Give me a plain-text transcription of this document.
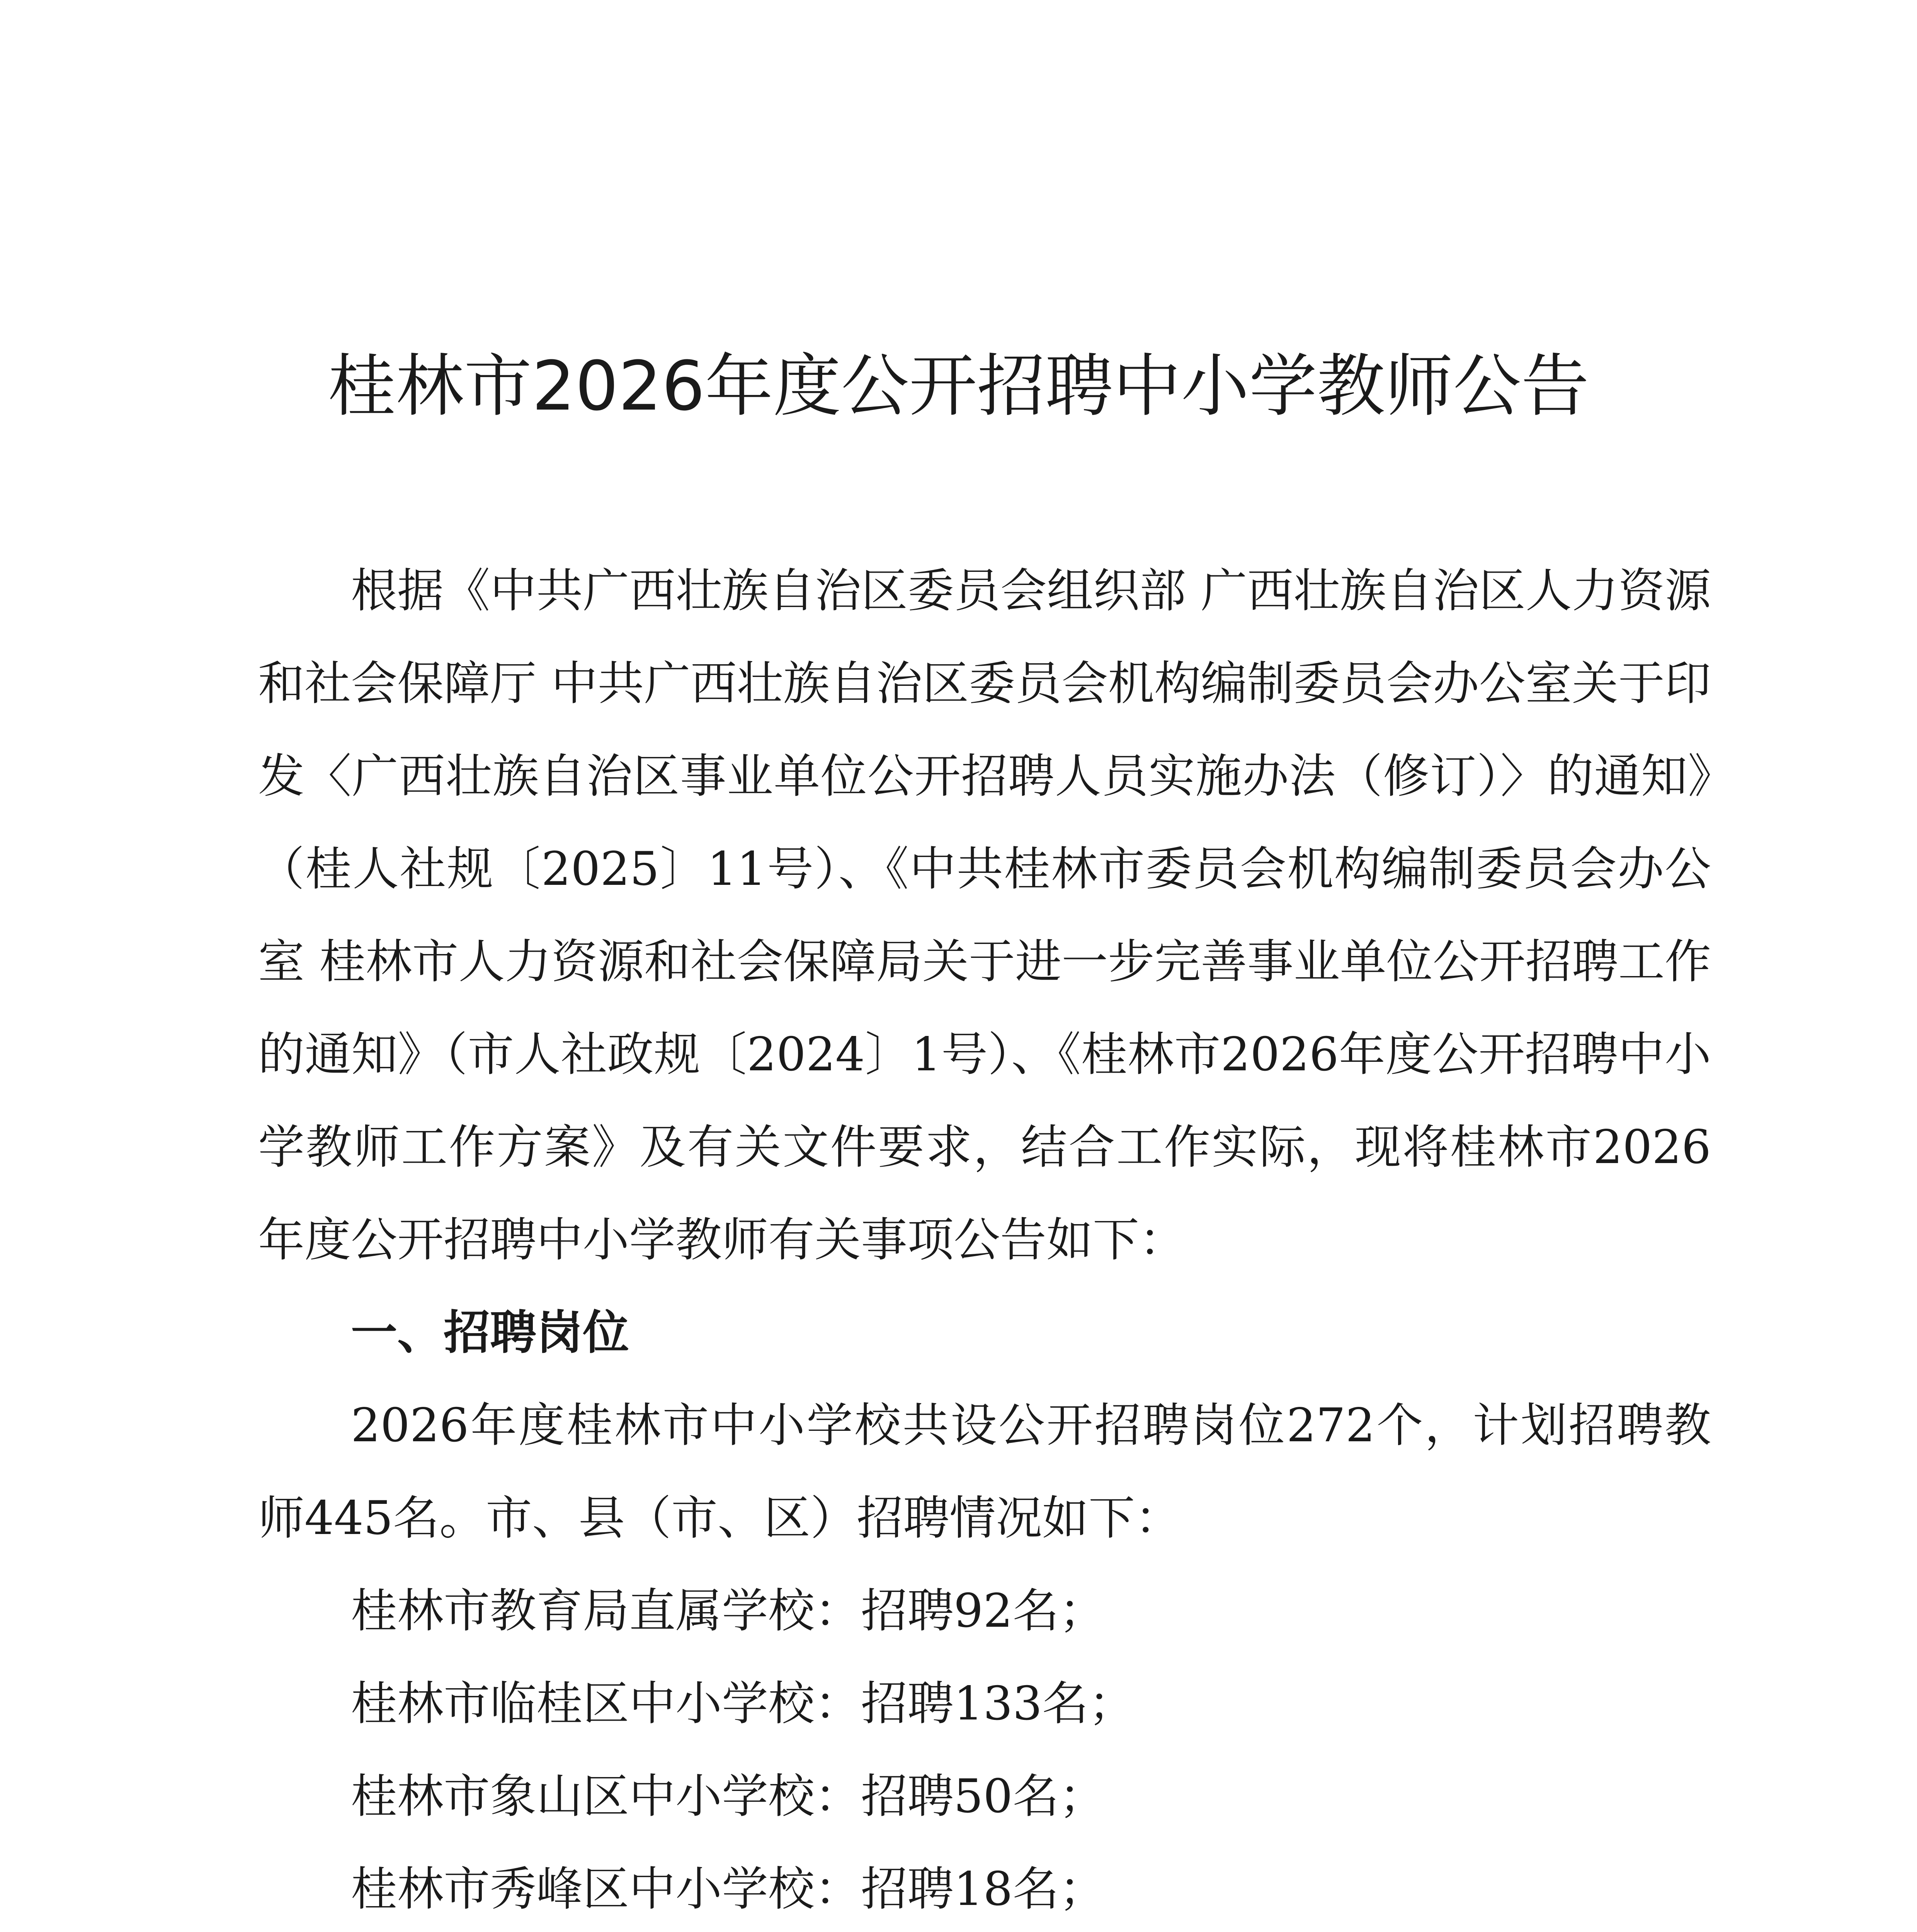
桂林市2026年度公开招聘中小学教师公告

根据《中共广西壮族自治区委员会组织部 广西壮族自治区人力资源和社会保障厅 中共广西壮族自治区委员会机构编制委员会办公室关于印发〈广西壮族自治区事业单位公开招聘人员实施办法（修订）〉的通知》（桂人社规〔2025〕11号）、《中共桂林市委员会机构编制委员会办公室 桂林市人力资源和社会保障局关于进一步完善事业单位公开招聘工作的通知》（市人社政规〔2024〕1号）、《桂林市2026年度公开招聘中小学教师工作方案》及有关文件要求，结合工作实际，现将桂林市2026年度公开招聘中小学教师有关事项公告如下：

一、招聘岗位

2026年度桂林市中小学校共设公开招聘岗位272个，计划招聘教师445名。市、县（市、区）招聘情况如下：

桂林市教育局直属学校：招聘92名；

桂林市临桂区中小学校：招聘133名；

桂林市象山区中小学校：招聘50名；

桂林市秀峰区中小学校：招聘18名；
